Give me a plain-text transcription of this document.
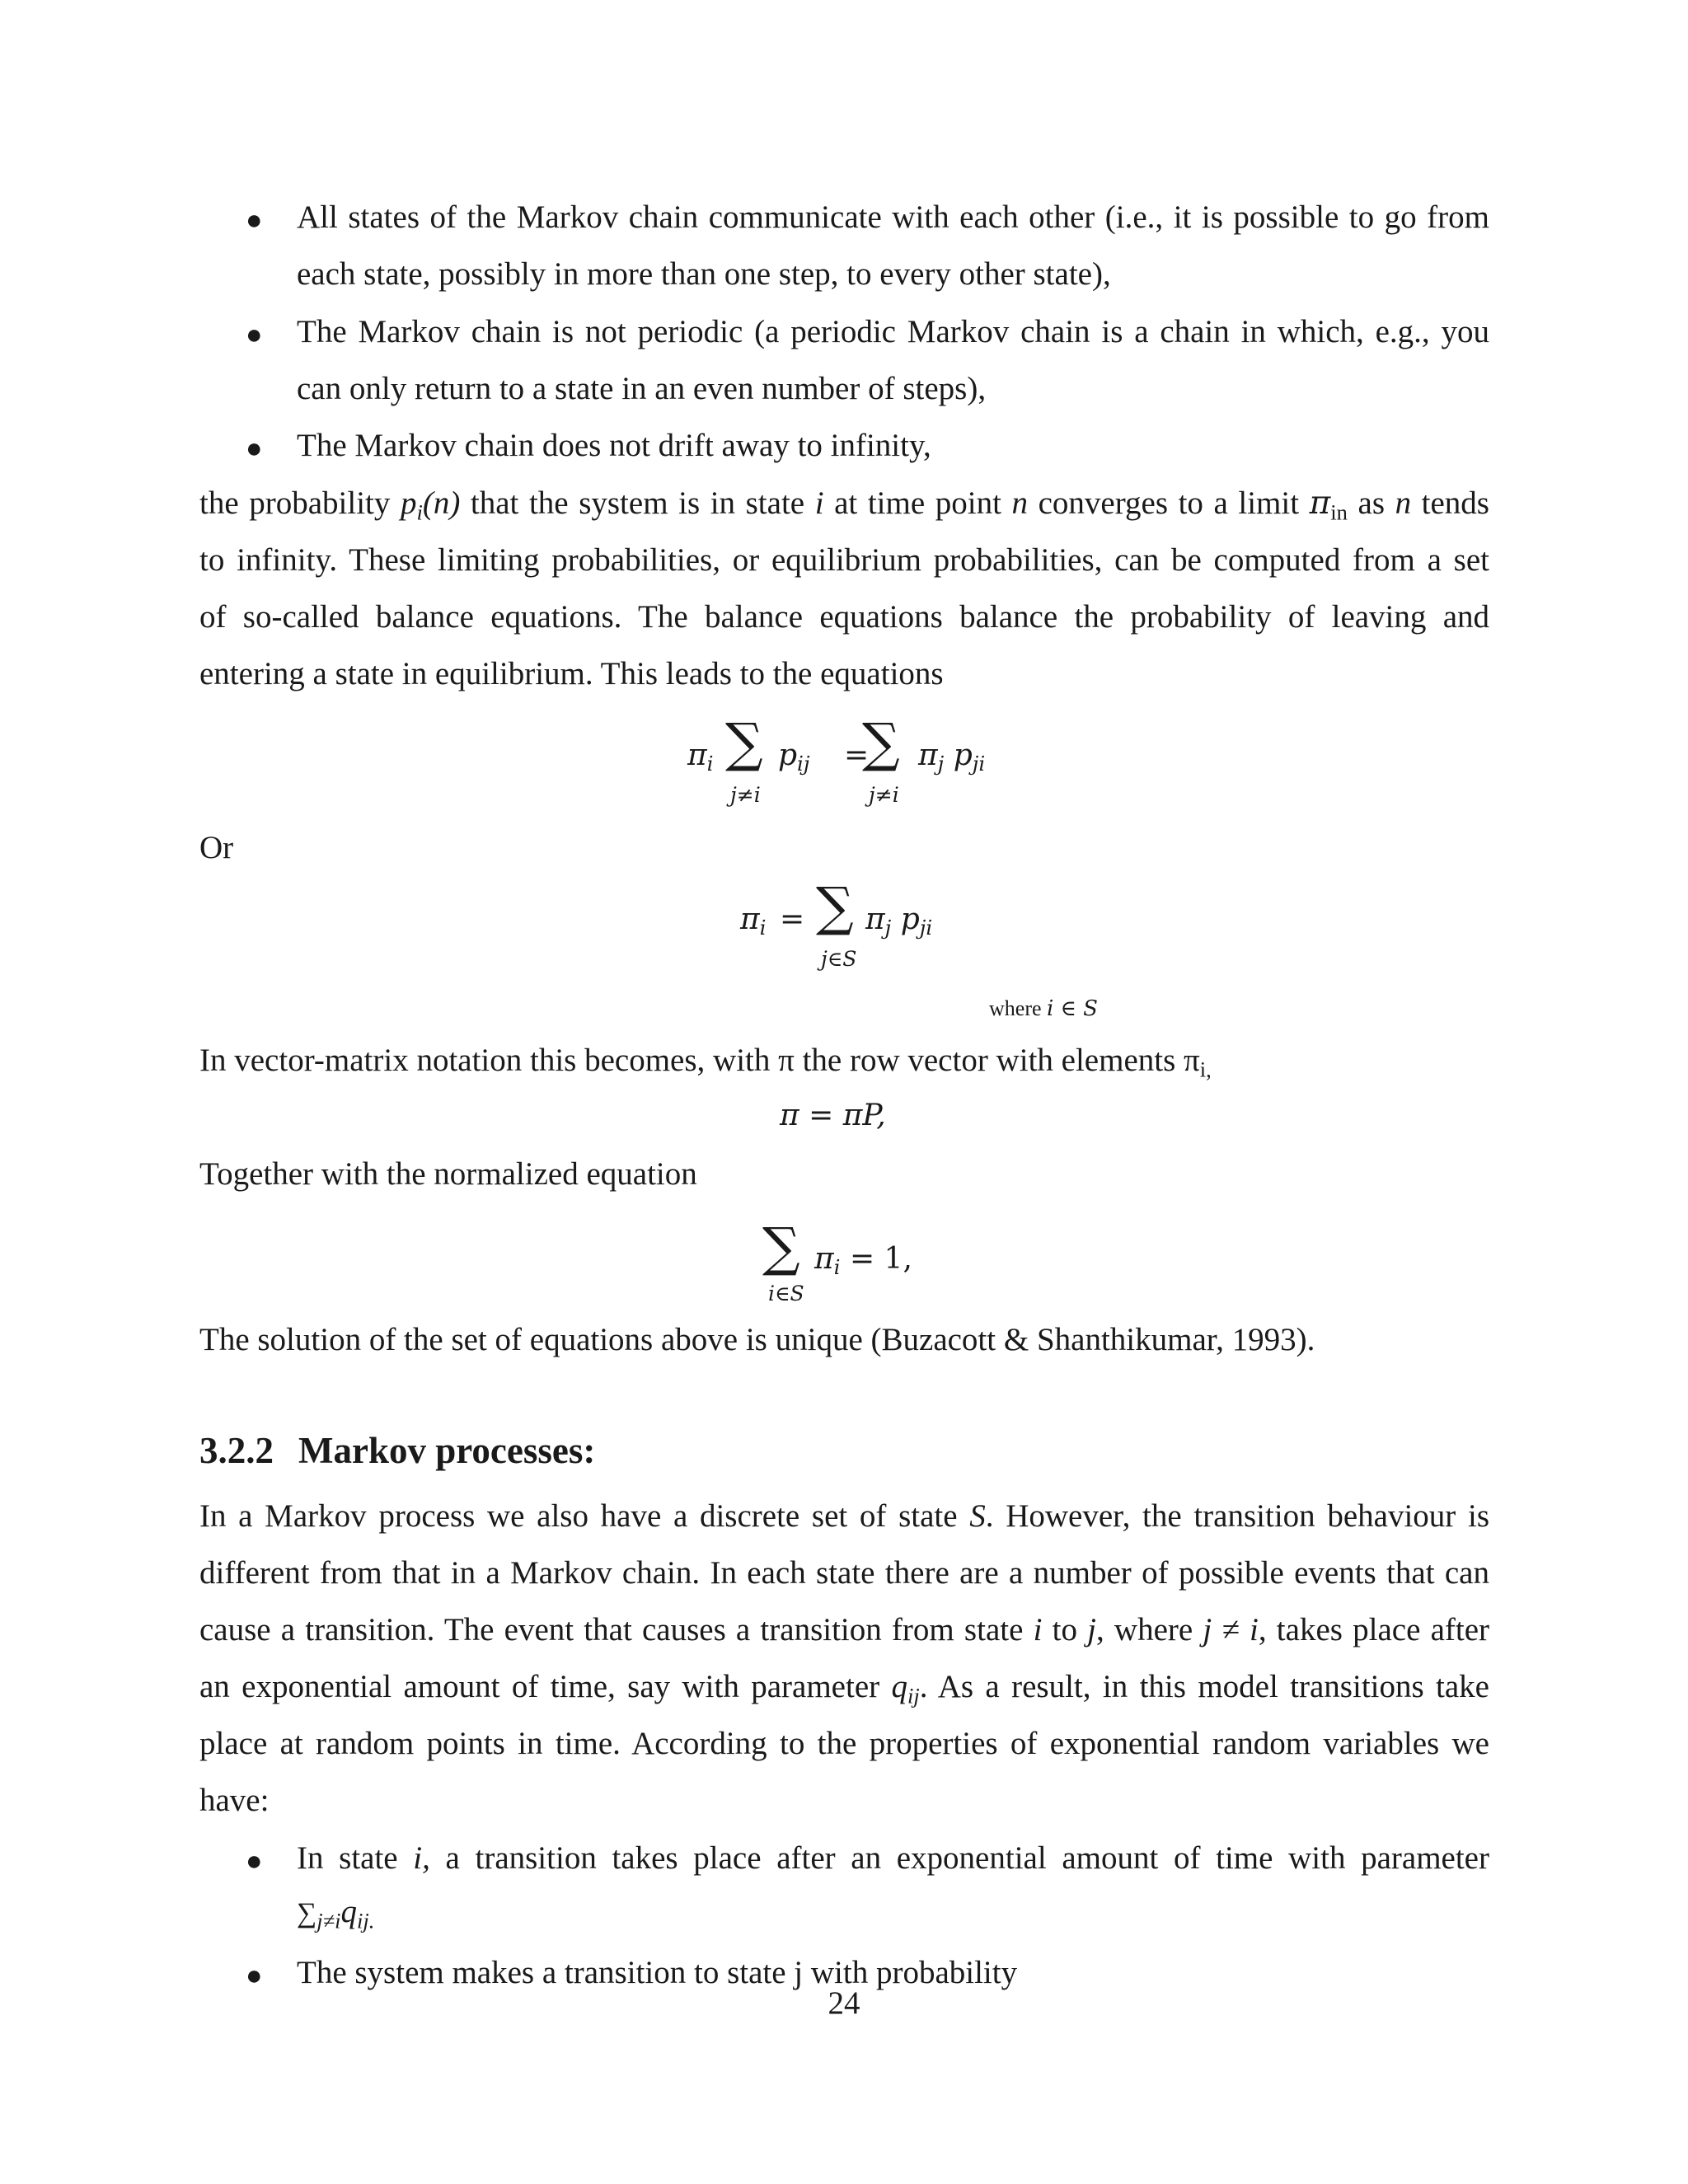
● All states of the Markov chain communicate with each other (i.e., it is possible to go from
each state, possibly in more than one step, to every other state),
● The Markov chain is not periodic (a periodic Markov chain is a chain in which, e.g., you
can only return to a state in an even number of steps),
● The Markov chain does not drift away to infinity,
the probability $p_i(n)$ that the system is in state i at time point n converges to a limit $\pi_{in}$ as n tends
to infinity. These limiting probabilities, or equilibrium probabilities, can be computed from a set
of so-called balance equations. The balance equations balance the probability of leaving and
entering a state in equilibrium. This leads to the equations
$\pi_i$ ∑ $p_{ij}$ =
∑ $\pi_j$ $p_{ji}$
j≠i	j≠i
Or
$\pi_i$ = ∑ $\pi_j$ $p_{ji}$
j∈S
where i ∈ S
In vector-matrix notation this becomes, with π the row vector with elements $\pi_{i,}$
π = πP,
Together with the normalized equation
∑ $\pi_i = 1$,
i∈S
The solution of the set of equations above is unique (Buzacott & Shanthikumar, 1993).
3.2.2 Markov processes:
In a Markov process we also have a discrete set of state S. However, the transition behaviour is
different from that in a Markov chain. In each state there are a number of possible events that can
cause a transition. The event that causes a transition from state i to j, where j ≠ i, takes place after
an exponential amount of time, say with parameter $q_{ij}$. As a result, in this model transitions take
place at random points in time. According to the properties of exponential random variables we
have:
● In state i, a transition takes place after an exponential amount of time with parameter
$\sum_{j\ne i}q_{ij.}$
● The system makes a transition to state j with probability
24
